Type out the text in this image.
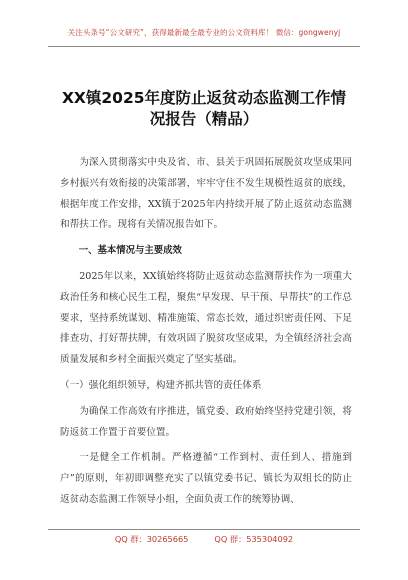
关注头条号“公文研究”，获得最新最全最专业的公文资料库！ 微信：gongwenyj
XX镇2025年度防止返贫动态监测工作情况报告（精品）

为深入贯彻落实中央及省、市、县关于巩固拓展脱贫攻坚成果同乡村振兴有效衔接的决策部署，牢牢守住不发生规模性返贫的底线，根据年度工作安排，XX镇于2025年内持续开展了防止返贫动态监测和帮扶工作。现将有关情况报告如下。

一、基本情况与主要成效

2025年以来，XX镇始终将防止返贫动态监测帮扶作为一项重大政治任务和核心民生工程，聚焦“早发现、早干预、早帮扶”的工作总要求，坚持系统谋划、精准施策、常态长效，通过织密责任网、下足排查功、打好帮扶牌，有效巩固了脱贫攻坚成果，为全镇经济社会高质量发展和乡村全面振兴奠定了坚实基础。

（一）强化组织领导，构建齐抓共管的责任体系

为确保工作高效有序推进，镇党委、政府始终坚持党建引领，将防返贫工作置于首要位置。

一是健全工作机制。严格遵循“工作到村、责任到人、措施到户”的原则，年初即调整充实了以镇党委书记、镇长为双组长的防止返贫动态监测工作领导小组，全面负责工作的统筹协调、

QQ 群：30265665	QQ 群：535304092
